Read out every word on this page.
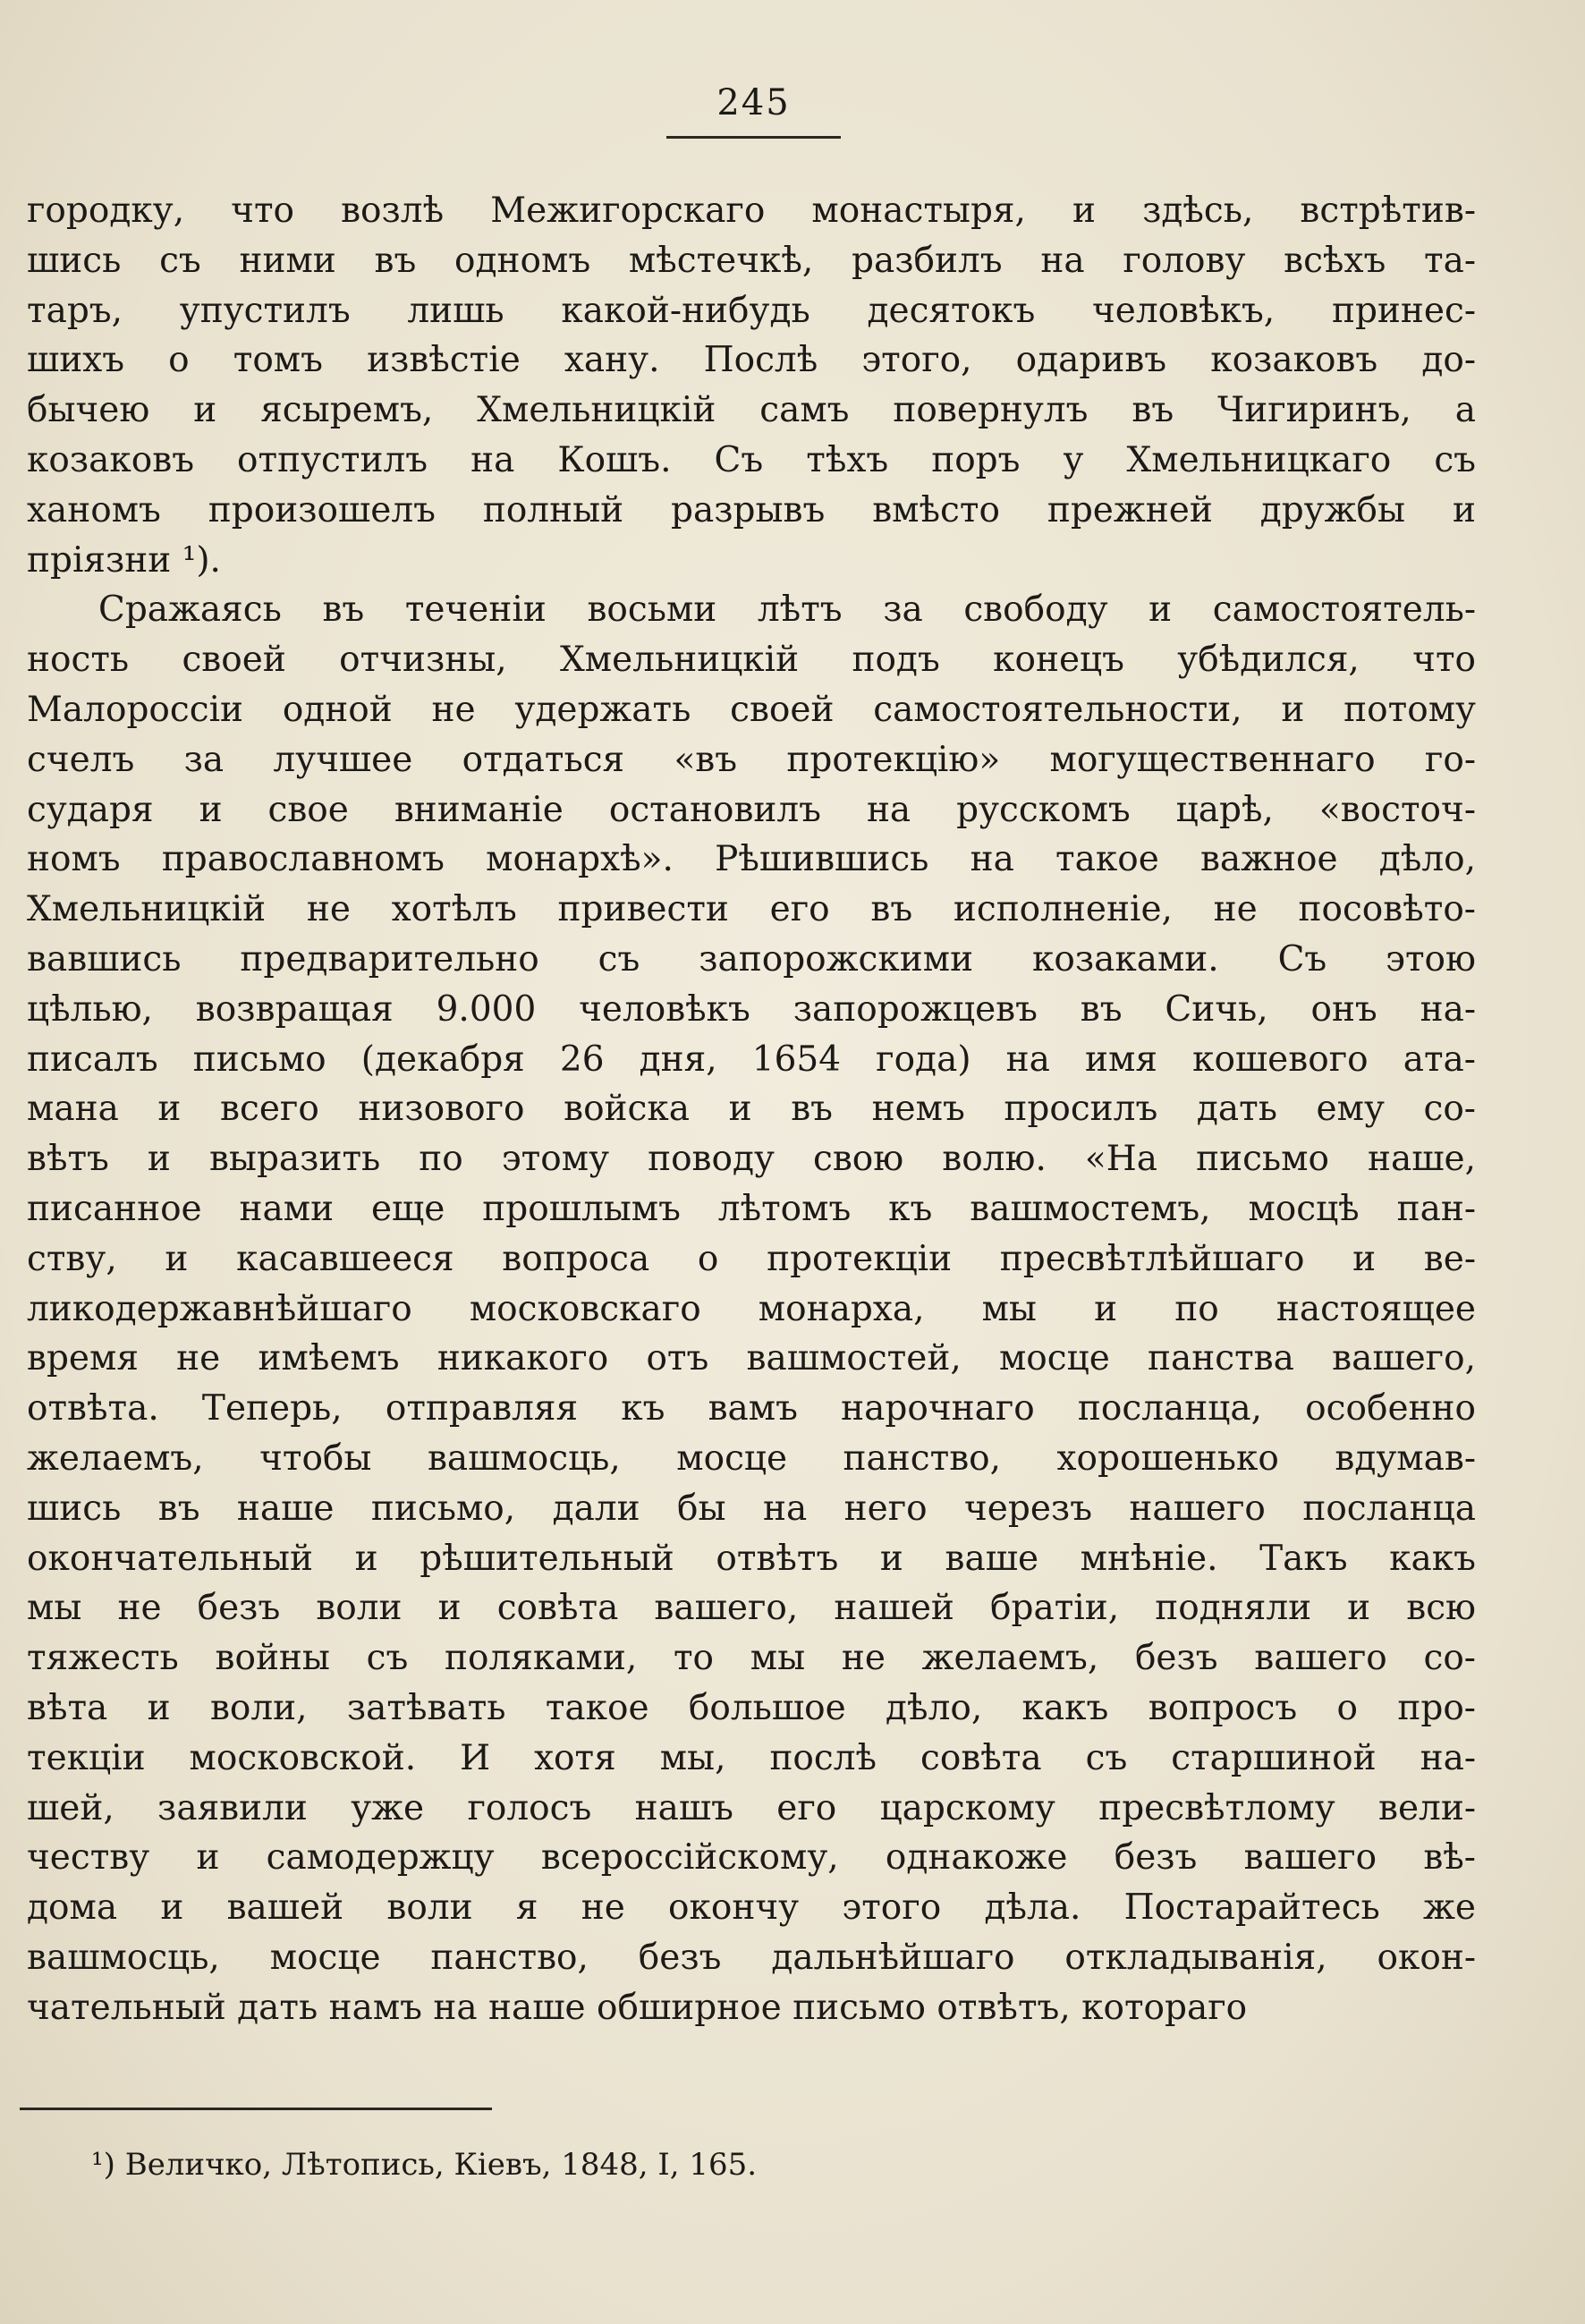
245
городку, что возлѣ Межигорскаго монастыря, и здѣсь, встрѣтив-
шись съ ними въ одномъ мѣстечкѣ, разбилъ на голову всѣхъ та-
таръ, упустилъ лишь какой-нибудь десятокъ человѣкъ, принес-
шихъ о томъ извѣстіе хану. Послѣ этого, одаривъ козаковъ до-
бычею и ясыремъ, Хмельницкій самъ повернулъ въ Чигиринъ, а
козаковъ отпустилъ на Кошъ. Съ тѣхъ поръ у Хмельницкаго съ
ханомъ произошелъ полный разрывъ вмѣсто прежней дружбы и
пріязни ¹).
Сражаясь въ теченіи восьми лѣтъ за свободу и самостоятель-
ность своей отчизны, Хмельницкій подъ конецъ убѣдился, что
Малороссіи одной не удержать своей самостоятельности, и потому
счелъ за лучшее отдаться «въ протекцію» могущественнаго го-
сударя и свое вниманіе остановилъ на русскомъ царѣ, «восточ-
номъ православномъ монархѣ». Рѣшившись на такое важное дѣло,
Хмельницкій не хотѣлъ привести его въ исполненіе, не посовѣто-
вавшись предварительно съ запорожскими козаками. Съ этою
цѣлью, возвращая 9.000 человѣкъ запорожцевъ въ Сичь, онъ на-
писалъ письмо (декабря 26 дня, 1654 года) на имя кошевого ата-
мана и всего низового войска и въ немъ просилъ дать ему со-
вѣтъ и выразить по этому поводу свою волю. «На письмо наше,
писанное нами еще прошлымъ лѣтомъ къ вашмостемъ, мосцѣ пан-
ству, и касавшееся вопроса о протекціи пресвѣтлѣйшаго и ве-
ликодержавнѣйшаго московскаго монарха, мы и по настоящее
время не имѣемъ никакого отъ вашмостей, мосце панства вашего,
отвѣта. Теперь, отправляя къ вамъ нарочнаго посланца, особенно
желаемъ, чтобы вашмосць, мосце панство, хорошенько вдумав-
шись въ наше письмо, дали бы на него черезъ нашего посланца
окончательный и рѣшительный отвѣтъ и ваше мнѣніе. Такъ какъ
мы не безъ воли и совѣта вашего, нашей братіи, подняли и всю
тяжесть войны съ поляками, то мы не желаемъ, безъ вашего со-
вѣта и воли, затѣвать такое большое дѣло, какъ вопросъ о про-
текціи московской. И хотя мы, послѣ совѣта съ старшиной на-
шей, заявили уже голосъ нашъ его царскому пресвѣтлому вели-
честву и самодержцу всероссійскому, однакоже безъ вашего вѣ-
дома и вашей воли я не окончу этого дѣла. Постарайтесь же
вашмосць, мосце панство, безъ дальнѣйшаго откладыванія, окон-
чательный дать намъ на наше обширное письмо отвѣтъ, котораго
¹) Величко, Лѣтопись, Кіевъ, 1848, I, 165.
